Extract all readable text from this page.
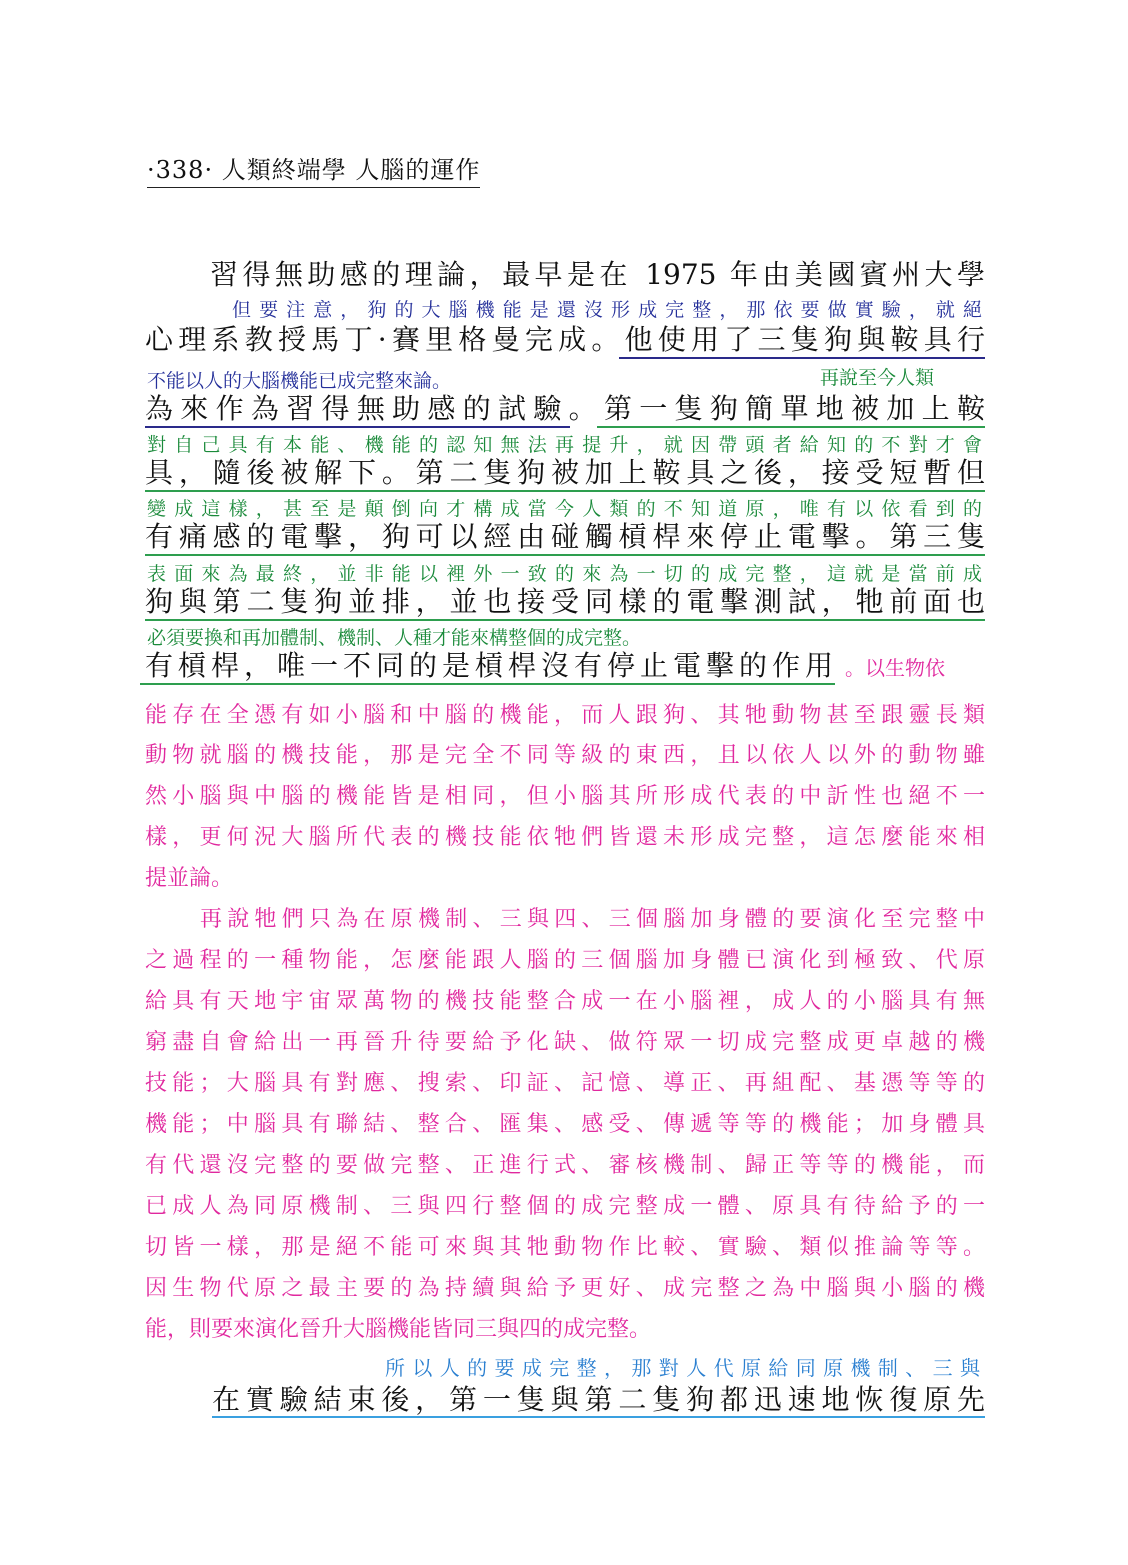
·338· 人類終端學 人腦的運作
習得無助感的理論，最早是在 1975 年由美國賓州大學
但要注意，狗的大腦機能是還沒形成完整，那依要做實驗，就絕
心理系教授馬丁·賽里格曼完成。他使用了三隻狗與鞍具行
不能以人的大腦機能已成完整來論。	再說至今人類
為來作為習得無助感的試驗。第一隻狗簡單地被加上鞍
對自己具有本能、機能的認知無法再提升，就因帶頭者給知的不對才會
具，隨後被解下。第二隻狗被加上鞍具之後，接受短暫但
變成這樣，甚至是顛倒向才構成當今人類的不知道原，唯有以依看到的
有痛感的電擊，狗可以經由碰觸槓桿來停止電擊。第三隻
表面來為最終，並非能以裡外一致的來為一切的成完整，這就是當前成
狗與第二隻狗並排，並也接受同樣的電擊測試，牠前面也
必須要換和再加體制、機制、人種才能來構整個的成完整。
有槓桿，唯一不同的是槓桿沒有停止電擊的作用 。以生物依
能存在全憑有如小腦和中腦的機能，而人跟狗、其牠動物甚至跟靈長類
動物就腦的機技能，那是完全不同等級的東西，且以依人以外的動物雖
然小腦與中腦的機能皆是相同，但小腦其所形成代表的中訢性也絕不一
樣，更何況大腦所代表的機技能依牠們皆還未形成完整，這怎麼能來相
提並論。
再說牠們只為在原機制、三與四、三個腦加身體的要演化至完整中
之過程的一種物能，怎麼能跟人腦的三個腦加身體已演化到極致、代原
給具有天地宇宙眾萬物的機技能整合成一在小腦裡，成人的小腦具有無
窮盡自會給出一再晉升待要給予化缺、做符眾一切成完整成更卓越的機
技能；大腦具有對應、搜索、印証、記憶、導正、再組配、基憑等等的
機能；中腦具有聯結、整合、匯集、感受、傳遞等等的機能；加身體具
有代還沒完整的要做完整、正進行式、審核機制、歸正等等的機能，而
已成人為同原機制、三與四行整個的成完整成一體、原具有待給予的一
切皆一樣，那是絕不能可來與其牠動物作比較、實驗、類似推論等等。
因生物代原之最主要的為持續與給予更好、成完整之為中腦與小腦的機
能，則要來演化晉升大腦機能皆同三與四的成完整。
所以人的要成完整，那對人代原給同原機制、三與
在實驗結束後，第一隻與第二隻狗都迅速地恢復原先
